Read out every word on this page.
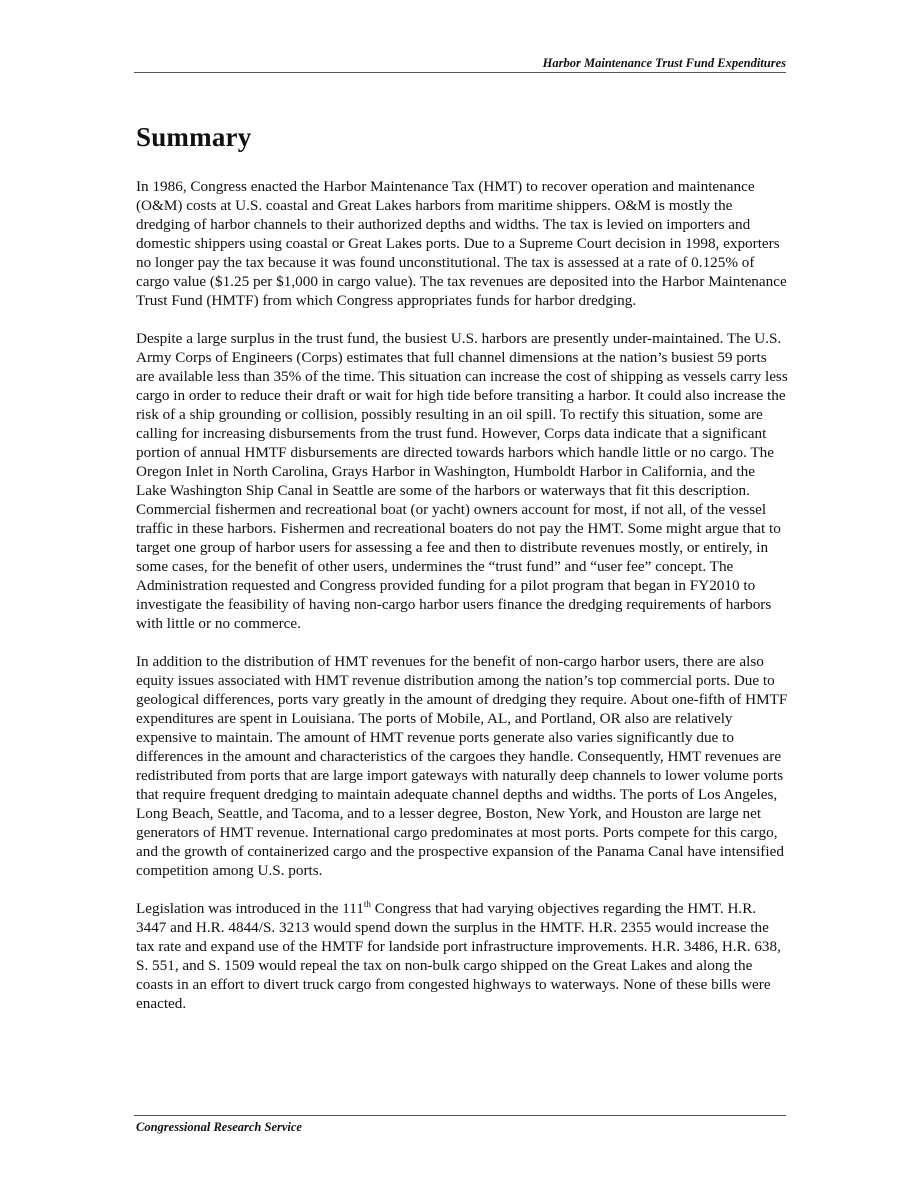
Harbor Maintenance Trust Fund Expenditures
Summary

In 1986, Congress enacted the Harbor Maintenance Tax (HMT) to recover operation and maintenance (O&M) costs at U.S. coastal and Great Lakes harbors from maritime shippers. O&M is mostly the dredging of harbor channels to their authorized depths and widths. The tax is levied on importers and domestic shippers using coastal or Great Lakes ports. Due to a Supreme Court decision in 1998, exporters no longer pay the tax because it was found unconstitutional. The tax is assessed at a rate of 0.125% of cargo value ($1.25 per $1,000 in cargo value). The tax revenues are deposited into the Harbor Maintenance Trust Fund (HMTF) from which Congress appropriates funds for harbor dredging.

Despite a large surplus in the trust fund, the busiest U.S. harbors are presently under-maintained. The U.S. Army Corps of Engineers (Corps) estimates that full channel dimensions at the nation’s busiest 59 ports are available less than 35% of the time. This situation can increase the cost of shipping as vessels carry less cargo in order to reduce their draft or wait for high tide before transiting a harbor. It could also increase the risk of a ship grounding or collision, possibly resulting in an oil spill. To rectify this situation, some are calling for increasing disbursements from the trust fund. However, Corps data indicate that a significant portion of annual HMTF disbursements are directed towards harbors which handle little or no cargo. The Oregon Inlet in North Carolina, Grays Harbor in Washington, Humboldt Harbor in California, and the Lake Washington Ship Canal in Seattle are some of the harbors or waterways that fit this description. Commercial fishermen and recreational boat (or yacht) owners account for most, if not all, of the vessel traffic in these harbors. Fishermen and recreational boaters do not pay the HMT. Some might argue that to target one group of harbor users for assessing a fee and then to distribute revenues mostly, or entirely, in some cases, for the benefit of other users, undermines the “trust fund” and “user fee” concept. The Administration requested and Congress provided funding for a pilot program that began in FY2010 to investigate the feasibility of having non-cargo harbor users finance the dredging requirements of harbors with little or no commerce.

In addition to the distribution of HMT revenues for the benefit of non-cargo harbor users, there are also equity issues associated with HMT revenue distribution among the nation’s top commercial ports. Due to geological differences, ports vary greatly in the amount of dredging they require. About one-fifth of HMTF expenditures are spent in Louisiana. The ports of Mobile, AL, and Portland, OR also are relatively expensive to maintain. The amount of HMT revenue ports generate also varies significantly due to differences in the amount and characteristics of the cargoes they handle. Consequently, HMT revenues are redistributed from ports that are large import gateways with naturally deep channels to lower volume ports that require frequent dredging to maintain adequate channel depths and widths. The ports of Los Angeles, Long Beach, Seattle, and Tacoma, and to a lesser degree, Boston, New York, and Houston are large net generators of HMT revenue. International cargo predominates at most ports. Ports compete for this cargo, and the growth of containerized cargo and the prospective expansion of the Panama Canal have intensified competition among U.S. ports.

Legislation was introduced in the 111th Congress that had varying objectives regarding the HMT. H.R. 3447 and H.R. 4844/S. 3213 would spend down the surplus in the HMTF. H.R. 2355 would increase the tax rate and expand use of the HMTF for landside port infrastructure improvements. H.R. 3486, H.R. 638, S. 551, and S. 1509 would repeal the tax on non-bulk cargo shipped on the Great Lakes and along the coasts in an effort to divert truck cargo from congested highways to waterways. None of these bills were enacted.

Congressional Research Service
